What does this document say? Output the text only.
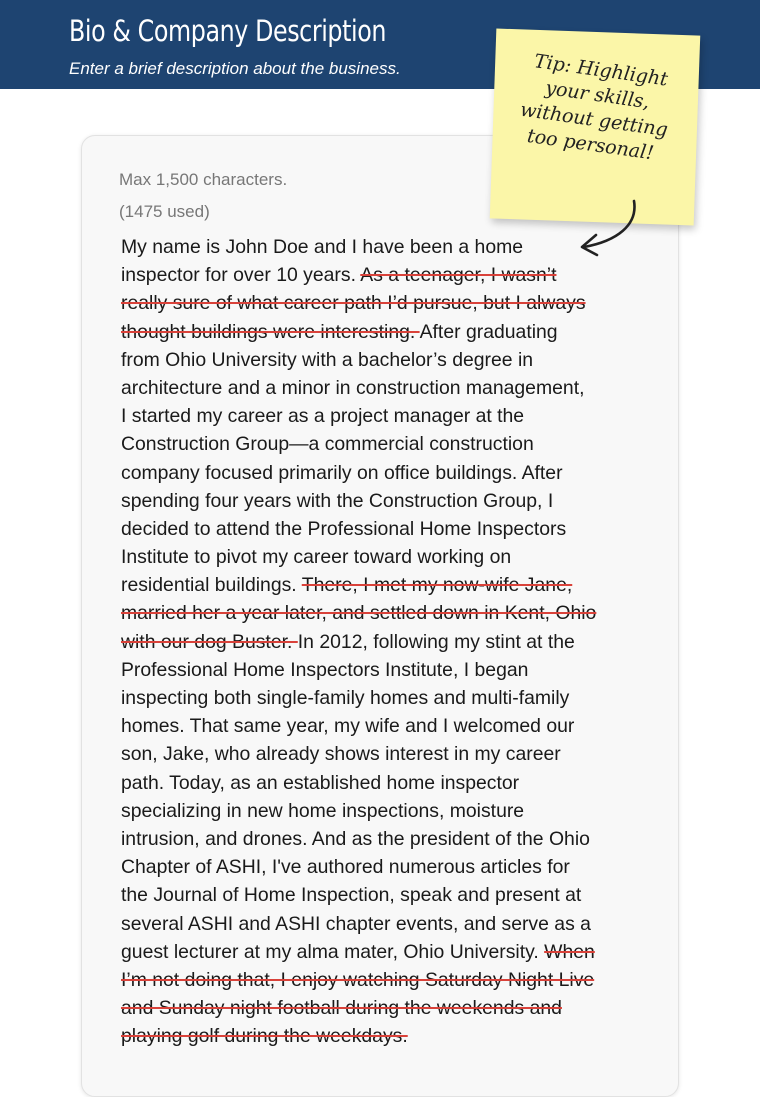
Bio & Company Description
Enter a brief description about the business.
Max 1,500 characters.
(1475 used)
My name is John Doe and I have been a home
inspector for over 10 years. As a teenager, I wasn’t
really sure of what career path I’d pursue, but I always
thought buildings were interesting. After graduating
from Ohio University with a bachelor’s degree in
architecture and a minor in construction management,
I started my career as a project manager at the
Construction Group—a commercial construction
company focused primarily on office buildings. After
spending four years with the Construction Group, I
decided to attend the Professional Home Inspectors
Institute to pivot my career toward working on
residential buildings. There, I met my now-wife Jane,
married her a year later, and settled down in Kent, Ohio
with our dog Buster. In 2012, following my stint at the
Professional Home Inspectors Institute, I began
inspecting both single-family homes and multi-family
homes. That same year, my wife and I welcomed our
son, Jake, who already shows interest in my career
path. Today, as an established home inspector
specializing in new home inspections, moisture
intrusion, and drones. And as the president of the Ohio
Chapter of ASHI, I've authored numerous articles for
the Journal of Home Inspection, speak and present at
several ASHI and ASHI chapter events, and serve as a
guest lecturer at my alma mater, Ohio University. When
I’m not doing that, I enjoy watching Saturday Night Live
and Sunday night football during the weekends and
playing golf during the weekdays.
Tip: Highlight
your skills,
without getting
too personal!
